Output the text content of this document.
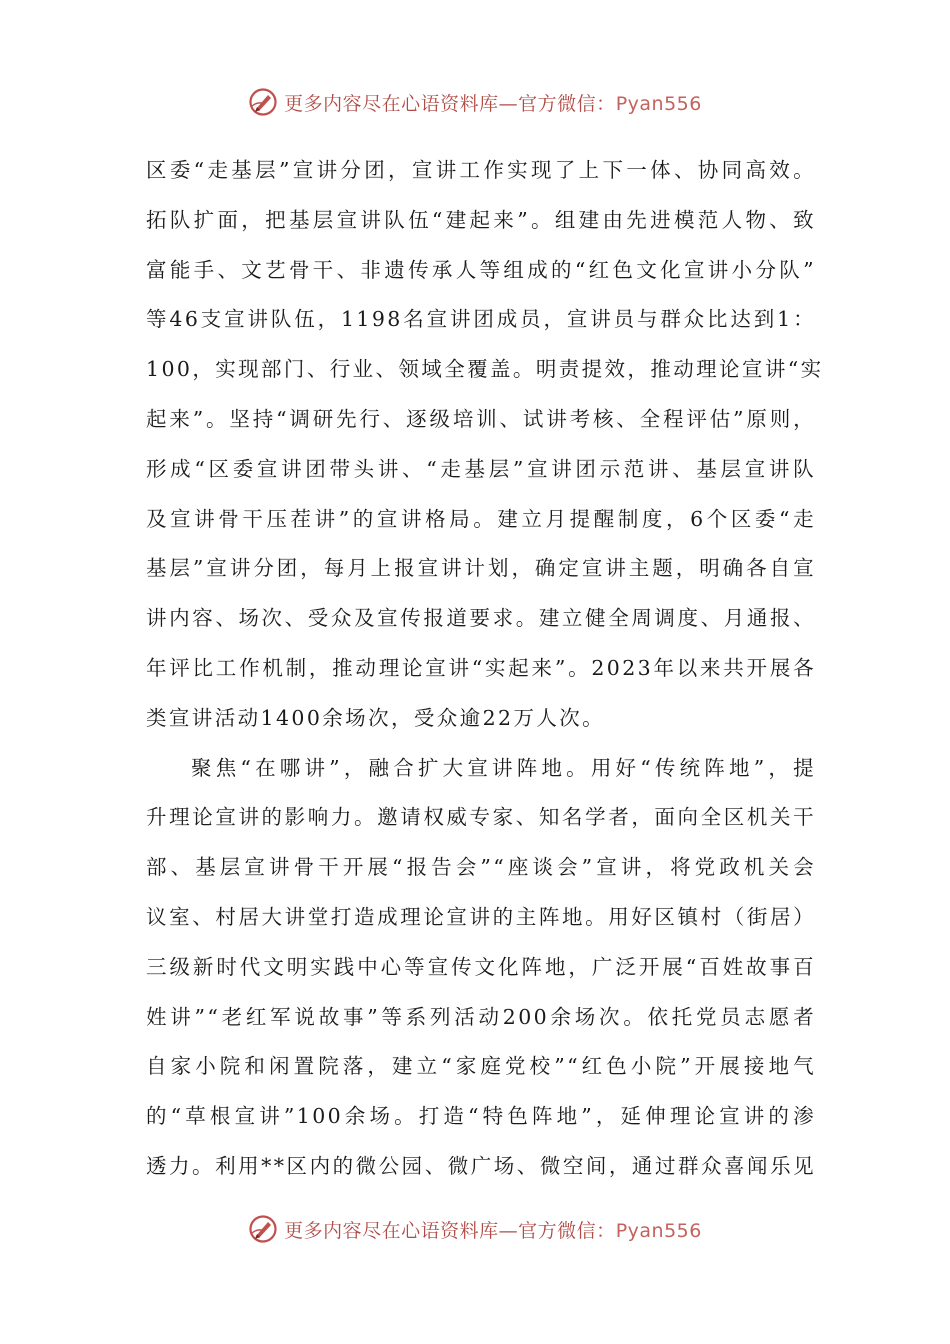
更多内容尽在心语资料库—官方微信：Pyan556
区委“走基层”宣讲分团，宣讲工作实现了上下一体、协同高效。
拓队扩面，把基层宣讲队伍“建起来”。组建由先进模范人物、致
富能手、文艺骨干、非遗传承人等组成的“红色文化宣讲小分队”
等46支宣讲队伍，1198名宣讲团成员，宣讲员与群众比达到1：
100，实现部门、行业、领域全覆盖。明责提效，推动理论宣讲“实
起来”。坚持“调研先行、逐级培训、试讲考核、全程评估”原则，
形成“区委宣讲团带头讲、“走基层”宣讲团示范讲、基层宣讲队
及宣讲骨干压茬讲”的宣讲格局。建立月提醒制度，6个区委“走
基层”宣讲分团，每月上报宣讲计划，确定宣讲主题，明确各自宣
讲内容、场次、受众及宣传报道要求。建立健全周调度、月通报、
年评比工作机制，推动理论宣讲“实起来”。2023年以来共开展各
类宣讲活动1400余场次，受众逾22万人次。
聚焦“在哪讲”，融合扩大宣讲阵地。用好“传统阵地”，提
升理论宣讲的影响力。邀请权威专家、知名学者，面向全区机关干
部、基层宣讲骨干开展“报告会”“座谈会”宣讲，将党政机关会
议室、村居大讲堂打造成理论宣讲的主阵地。用好区镇村（街居）
三级新时代文明实践中心等宣传文化阵地，广泛开展“百姓故事百
姓讲”“老红军说故事”等系列活动200余场次。依托党员志愿者
自家小院和闲置院落，建立“家庭党校”“红色小院”开展接地气
的“草根宣讲”100余场。打造“特色阵地”，延伸理论宣讲的渗
透力。利用**区内的微公园、微广场、微空间，通过群众喜闻乐见
更多内容尽在心语资料库—官方微信：Pyan556
